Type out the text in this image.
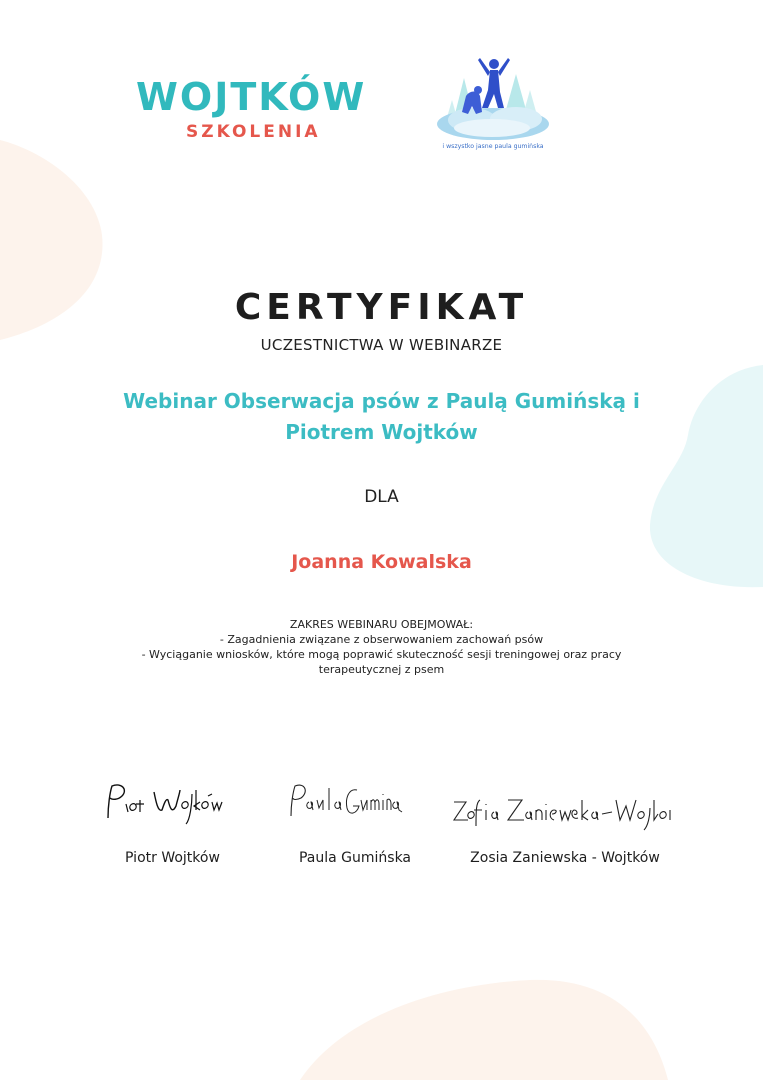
WOJTKÓW
SZKOLENIA
i wszystko jasne paula gumińska
CERTYFIKAT
UCZESTNICTWA W WEBINARZE
Webinar Obserwacja psów z Paulą Gumińską i Piotrem Wojtków
DLA
Joanna Kowalska
ZAKRES WEBINARU OBEJMOWAŁ:
- Zagadnienia związane z obserwowaniem zachowań psów
- Wyciąganie wniosków, które mogą poprawić skuteczność sesji treningowej oraz pracy
terapeutycznej z psem
Piotr Wojtków	Paula Gumińska	Zosia Zaniewska - Wojtków
